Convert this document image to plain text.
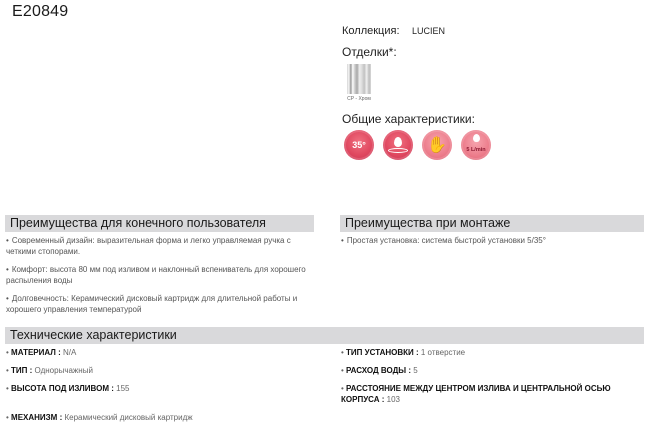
E20849
Коллекция:	LUCIEN
Отделки*:
CP - Хром
Общие характеристики:
35°	✋	5 L/min
Преимущества для конечного пользователя
• Современный дизайн: выразительная форма и легко управляемая ручка с четкими стопорами.
• Комфорт: высота 80 мм под изливом и наклонный вспениватель для хорошего распыления воды
• Долговечность: Керамический дисковый картридж для длительной работы и хорошего управления температурой
Преимущества при монтаже
• Простая установка: система быстрой установки 5/35°
Технические характеристики
• МАТЕРИАЛ : N/A
• ТИП : Однорычажный
• ВЫСОТА ПОД ИЗЛИВОМ : 155
• МЕХАНИЗМ : Керамический дисковый картридж
• ТИП УСТАНОВКИ : 1 отверстие
• РАСХОД ВОДЫ : 5
• РАССТОЯНИЕ МЕЖДУ ЦЕНТРОМ ИЗЛИВА И ЦЕНТРАЛЬНОЙ ОСЬЮ КОРПУСА : 103
